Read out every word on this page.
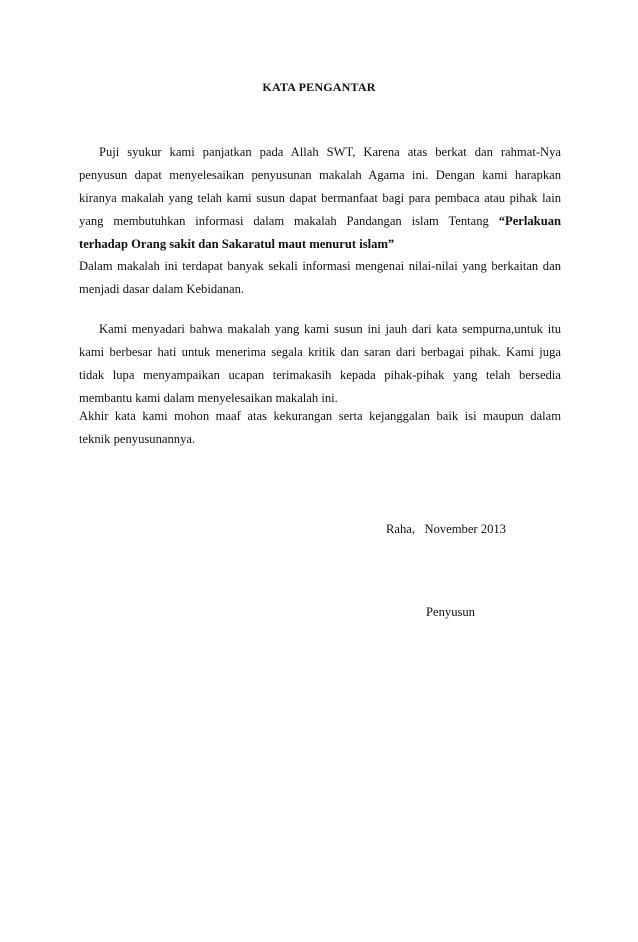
KATA PENGANTAR
Puji syukur kami panjatkan pada Allah SWT, Karena atas berkat dan rahmat-Nya
penyusun dapat menyelesaikan penyusunan makalah Agama ini. Dengan kami harapkan
kiranya makalah yang telah kami susun dapat bermanfaat bagi para pembaca atau pihak lain
yang membutuhkan informasi dalam makalah Pandangan islam Tentang “Perlakuan
terhadap Orang sakit dan Sakaratul maut menurut islam”
Dalam makalah ini terdapat banyak sekali informasi mengenai nilai-nilai yang berkaitan dan
menjadi dasar dalam Kebidanan.
Kami menyadari bahwa makalah yang kami susun ini jauh dari kata sempurna,untuk itu
kami berbesar hati untuk menerima segala kritik dan saran dari berbagai pihak. Kami juga
tidak lupa menyampaikan ucapan terimakasih kepada pihak-pihak yang telah bersedia
membantu kami dalam menyelesaikan makalah ini.
Akhir kata kami mohon maaf atas kekurangan serta kejanggalan baik isi maupun dalam
teknik penyusunannya.
Raha,   November 2013
Penyusun
